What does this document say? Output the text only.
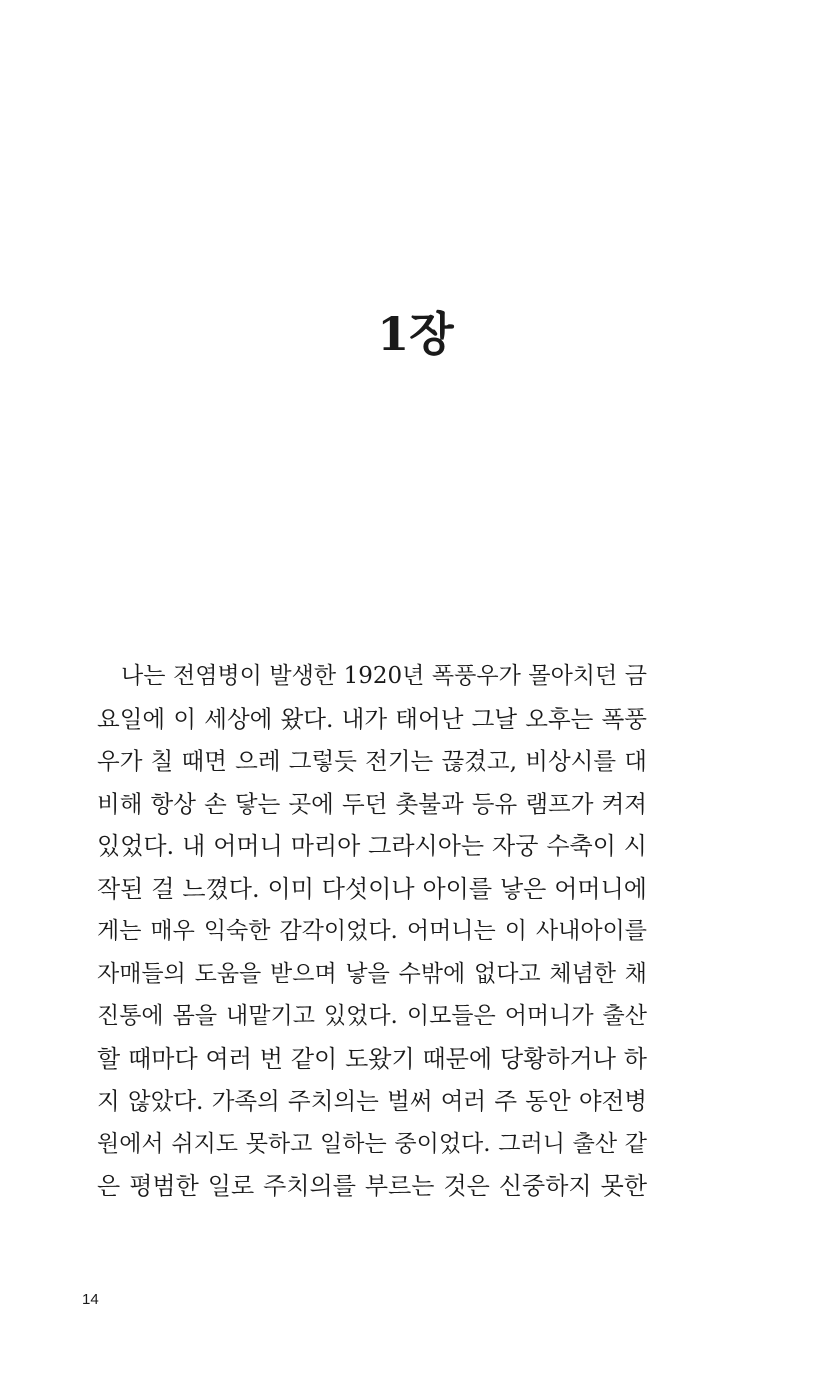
1장
나는 전염병이 발생한 1920년 폭풍우가 몰아치던 금
요일에 이 세상에 왔다. 내가 태어난 그날 오후는 폭풍
우가 칠 때면 으레 그렇듯 전기는 끊겼고, 비상시를 대
비해 항상 손 닿는 곳에 두던 촛불과 등유 램프가 켜져
있었다. 내 어머니 마리아 그라시아는 자궁 수축이 시
작된 걸 느꼈다. 이미 다섯이나 아이를 낳은 어머니에
게는 매우 익숙한 감각이었다. 어머니는 이 사내아이를
자매들의 도움을 받으며 낳을 수밖에 없다고 체념한 채
진통에 몸을 내맡기고 있었다. 이모들은 어머니가 출산
할 때마다 여러 번 같이 도왔기 때문에 당황하거나 하
지 않았다. 가족의 주치의는 벌써 여러 주 동안 야전병
원에서 쉬지도 못하고 일하는 중이었다. 그러니 출산 같
은 평범한 일로 주치의를 부르는 것은 신중하지 못한

14
